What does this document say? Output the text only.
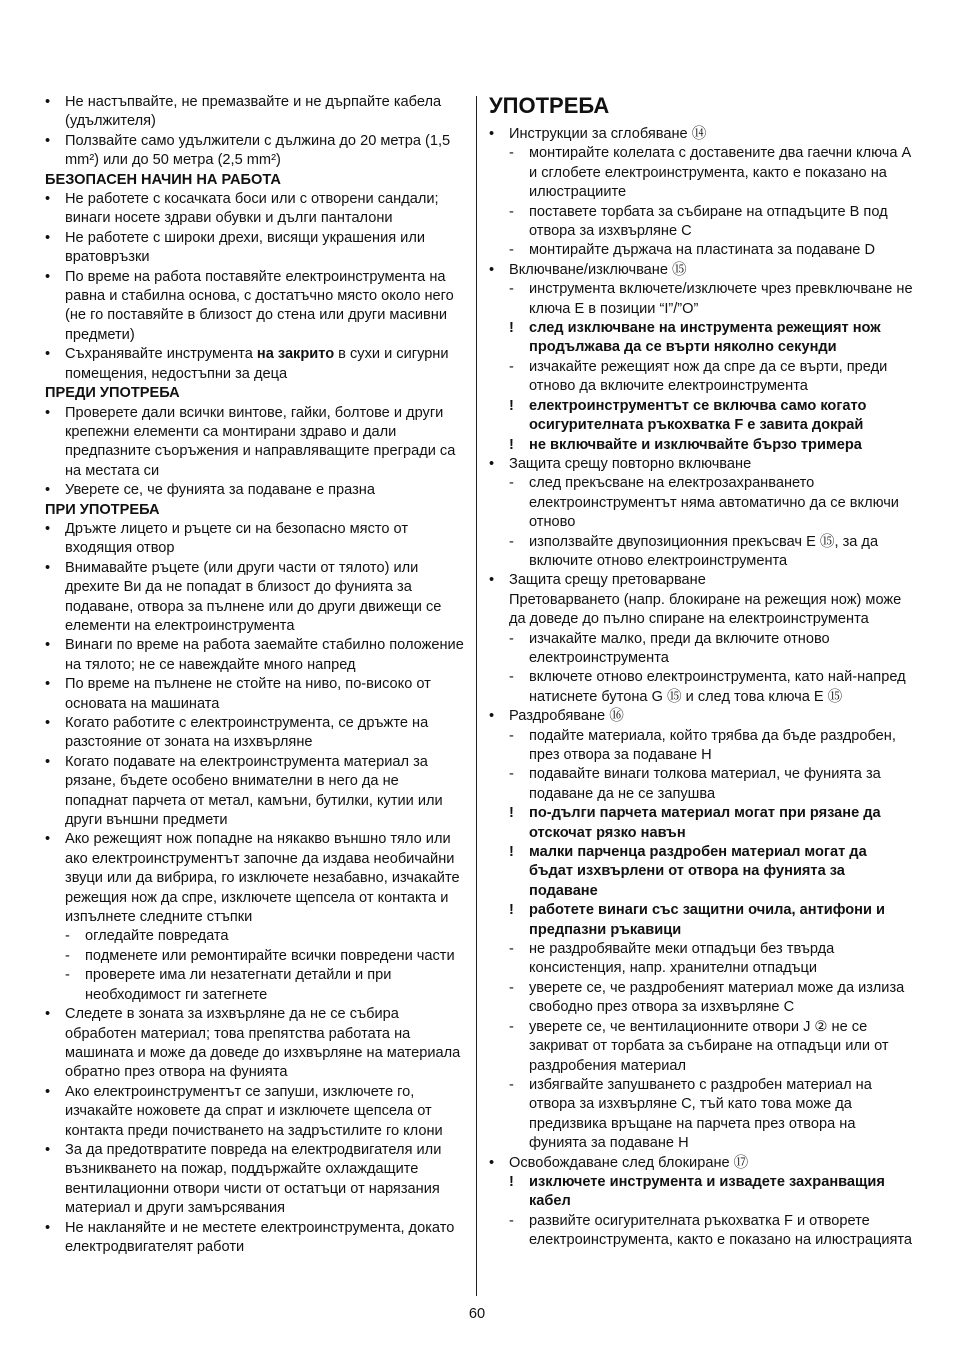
• Не настъпвайте, не премазвайте и не дърпайте кабела (удължителя)
• Ползвайте само удължители с дължина до 20 метра (1,5 mm²) или до 50 метра (2,5 mm²)
БЕЗОПАСЕН НАЧИН НА РАБОТА
• Не работете с косачката боси или с отворени сандали; винаги носете здрави обувки и дълги панталони
• Не работете с широки дрехи, висящи украшения или вратовръзки
• По време на работа поставяйте електроинструмента на равна и стабилна основа, с достатъчно място около него (не го поставяйте в близост до стена или други масивни предмети)
• Съхранявайте инструмента на закрито в сухи и сигурни помещения, недостъпни за деца
ПРЕДИ УПОТРЕБА
• Проверете дали всички винтове, гайки, болтове и други крепежни елементи са монтирани здраво и дали предпазните съоръжения и направляващите прегради са на местата си
• Уверете се, че фунията за подаване е празна
ПРИ УПОТРЕБА
• Дръжте лицето и ръцете си на безопасно място от входящия отвор
• Внимавайте ръцете (или други части от тялото) или дрехите Ви да не попадат в близост до фунията за подаване, отвора за пълнене или до други движещи се елементи на електроинструмента
• Винаги по време на работа заемайте стабилно положение на тялото; не се навеждайте много напред
• По време на пълнене не стойте на ниво, по-високо от основата на машината
• Когато работите с електроинструмента, се дръжте на разстояние от зоната на изхвърляне
• Когато подавате на електроинструмента материал за рязане, бъдете особено внимателни в него да не попаднат парчета от метал, камъни, бутилки, кутии или други външни предмети
• Ако режещият нож попадне на някакво външно тяло или ако електроинструментът започне да издава необичайни звуци или да вибрира, го изключете незабавно, изчакайте режещия нож да спре, изключете щепсела от контакта и изпълнете следните стъпки
- огледайте повредата
- подменете или ремонтирайте всички повредени части
- проверете има ли незатегнати детайли и при необходимост ги затегнете
• Следете в зоната за изхвърляне да не се събира обработен материал; това препятства работата на машината и може да доведе до изхвърляне на материала обратно през отвора на фунията
• Ако електроинструментът се запуши, изключете го, изчакайте ножовете да спрат и изключете щепсела от контакта преди почистването на задръстилите го клони
• За да предотвратите повреда на електродвигателя или възникването на пожар, поддържайте охлаждащите вентилационни отвори чисти от остатъци от нарязания материал и други замърсявания
• Не накланяйте и не местете електроинструмента, докато електродвигателят работи
УПОТРЕБА
• Инструкции за сглобяване ⑭
- монтирайте колелата с доставените два гаечни ключа A и сглобете електроинструмента, както е показано на илюстрациите
- поставете торбата за събиране на отпадъците B под отвора за изхвърляне C
- монтирайте държача на пластината за подаване D
• Включване/изключване ⑮
- инструмента включете/изключете чрез превключване не ключа E в позиции “I”/”O”
! след изключване на инструмента режещият нож продължава да се върти няколно секунди
- изчакайте режещият нож да спре да се върти, преди отново да включите електроинструмента
! електроинструментът се включва само когато осигурителната ръкохватка F е завита докрай
! не включвайте и изключвайте бързо тримера
• Защита срещу повторно включване
- след прекъсване на електрозахранването електроинструментът няма автоматично да се включи отново
- използвайте двупозиционния прекъсвач E ⑮, за да включите отново електроинструмента
• Защита срещу претоварване
Претоварването (напр. блокиране на режещия нож) може да доведе до пълно спиране на електроинструмента
- изчакайте малко, преди да включите отново електроинструмента
- включете отново електроинструмента, като най-напред натиснете бутона G ⑮ и след това ключа E ⑮
• Раздробяване ⑯
- подайте материала, който трябва да бъде раздробен, през отвора за подаване H
- подавайте винаги толкова материал, че фунията за подаване да не се запушва
! по-дълги парчета материал могат при рязане да отскочат рязко навън
! малки парченца раздробен материал могат да бъдат изхвърлени от отвора на фунията за подаване
! работете винаги със защитни очила, антифони и предпазни ръкавици
- не раздробявайте меки отпадъци без твърда консистенция, напр. хранителни отпадъци
- уверете се, че раздробеният материал може да излиза свободно през отвора за изхвърляне C
- уверете се, че вентилационните отвори J ② не се закриват от торбата за събиране на отпадъци или от раздробения материал
- избягвайте запушването с раздробен материал на отвора за изхвърляне C, тъй като това може да предизвика връщане на парчета през отвора на фунията за подаване H
• Освобождаване след блокиране ⑰
! изключете инструмента и извадете захранващия кабел
- развийте осигурителната ръкохватка F и отворете електроинструмента, както е показано на илюстрацията
60
